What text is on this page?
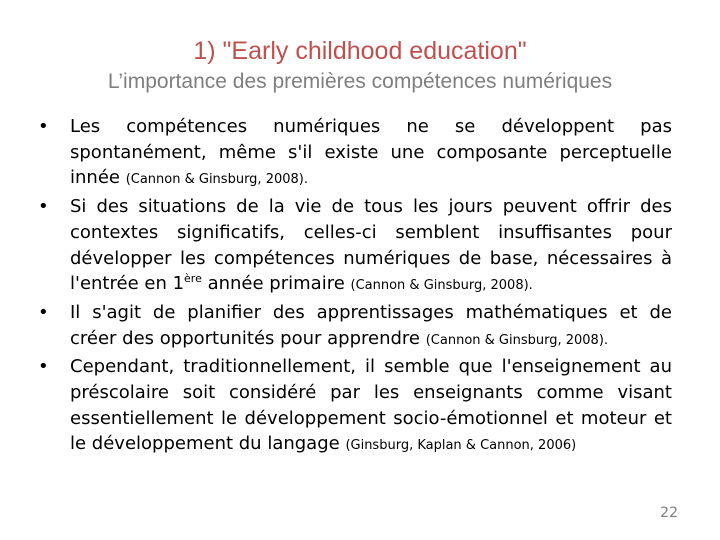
1) "Early childhood education"
L’importance des premières compétences numériques
• Les compétences numériques ne se développent pas spontanément, même s'il existe une composante perceptuelle innée (Cannon & Ginsburg, 2008).
• Si des situations de la vie de tous les jours peuvent offrir des contextes significatifs, celles-ci semblent insuffisantes pour développer les compétences numériques de base, nécessaires à l'entrée en 1ère année primaire (Cannon & Ginsburg, 2008).
• Il s'agit de planifier des apprentissages mathématiques et de créer des opportunités pour apprendre (Cannon & Ginsburg, 2008).
• Cependant, traditionnellement, il semble que l'enseignement au préscolaire soit considéré par les enseignants comme visant essentiellement le développement socio-émotionnel et moteur et le développement du langage (Ginsburg, Kaplan & Cannon, 2006)
22
